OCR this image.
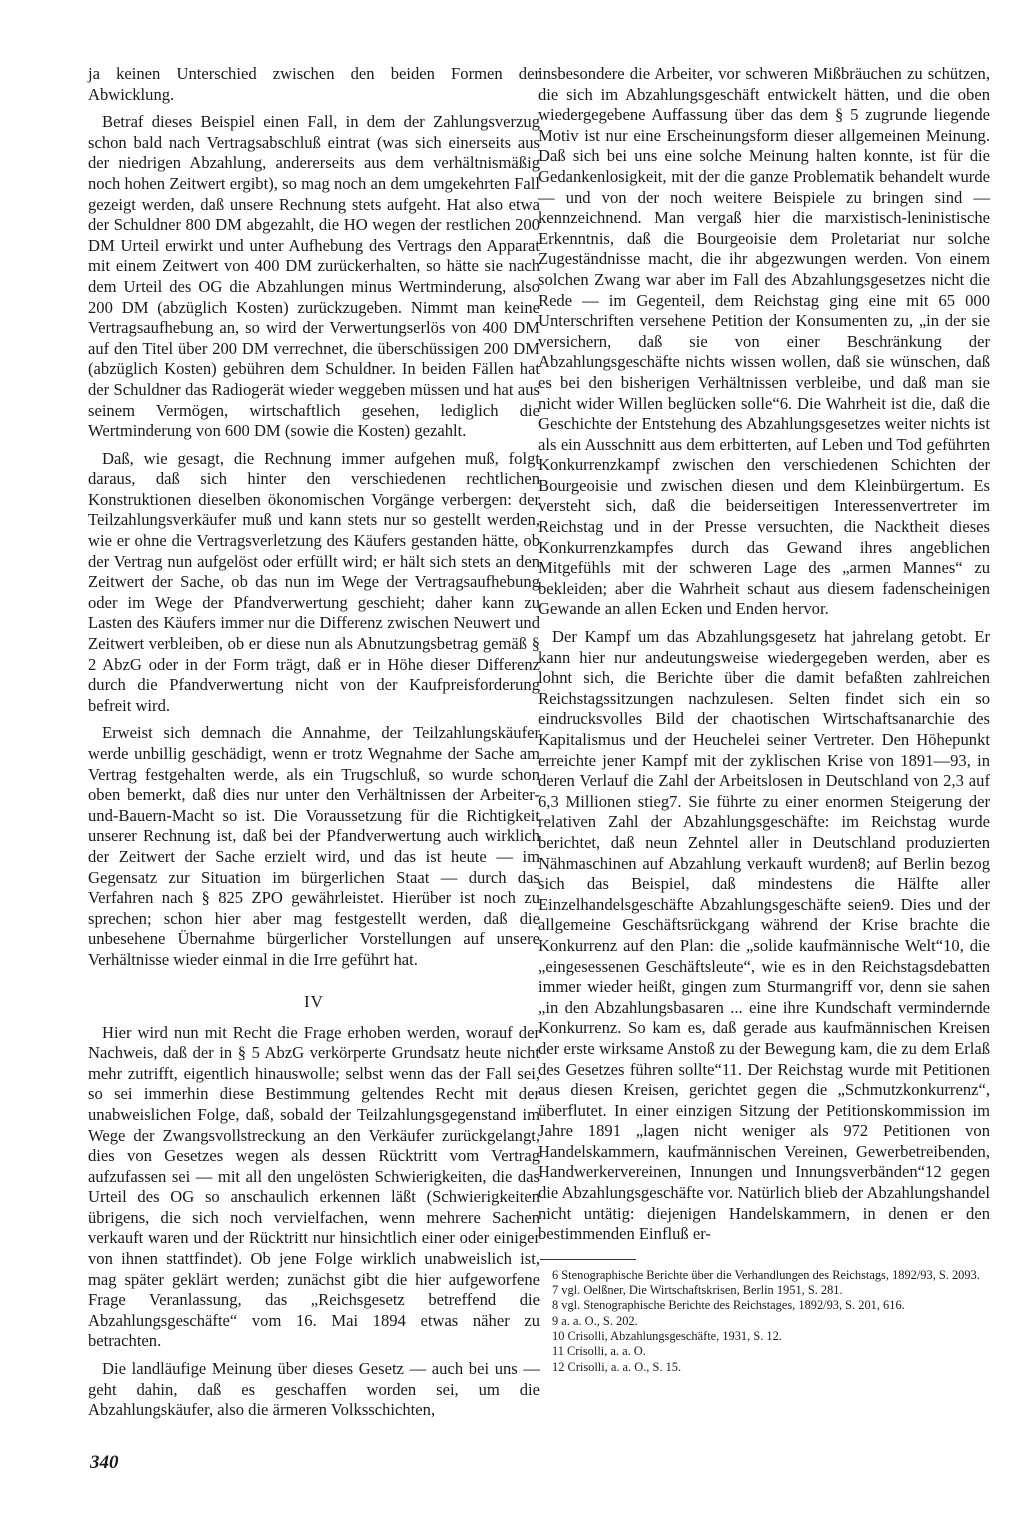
ja keinen Unterschied zwischen den beiden Formen der Abwicklung.

Betraf dieses Beispiel einen Fall, in dem der Zahlungsverzug schon bald nach Vertragsabschluß eintrat (was sich einerseits aus der niedrigen Abzahlung, andererseits aus dem verhältnismäßig noch hohen Zeitwert ergibt), so mag noch an dem umgekehrten Fall gezeigt werden, daß unsere Rechnung stets aufgeht. Hat also etwa der Schuldner 800 DM abgezahlt, die HO wegen der restlichen 200 DM Urteil erwirkt und unter Aufhebung des Vertrags den Apparat mit einem Zeitwert von 400 DM zurückerhalten, so hätte sie nach dem Urteil des OG die Abzahlungen minus Wertminderung, also 200 DM (abzüglich Kosten) zurückzugeben. Nimmt man keine Vertragsaufhebung an, so wird der Verwertungserlös von 400 DM auf den Titel über 200 DM verrechnet, die überschüssigen 200 DM (abzüglich Kosten) gebühren dem Schuldner. In beiden Fällen hat der Schuldner das Radiogerät wieder weggeben müssen und hat aus seinem Vermögen, wirtschaftlich gesehen, lediglich die Wertminderung von 600 DM (sowie die Kosten) gezahlt.

Daß, wie gesagt, die Rechnung immer aufgehen muß, folgt daraus, daß sich hinter den verschiedenen rechtlichen Konstruktionen dieselben ökonomischen Vorgänge verbergen: der Teilzahlungsverkäufer muß und kann stets nur so gestellt werden, wie er ohne die Vertragsverletzung des Käufers gestanden hätte, ob der Vertrag nun aufgelöst oder erfüllt wird; er hält sich stets an den Zeitwert der Sache, ob das nun im Wege der Vertragsaufhebung oder im Wege der Pfandverwertung geschieht; daher kann zu Lasten des Käufers immer nur die Differenz zwischen Neuwert und Zeitwert verbleiben, ob er diese nun als Abnutzungsbetrag gemäß § 2 AbzG oder in der Form trägt, daß er in Höhe dieser Differenz durch die Pfandverwertung nicht von der Kaufpreisforderung befreit wird.

Erweist sich demnach die Annahme, der Teilzahlungskäufer werde unbillig geschädigt, wenn er trotz Wegnahme der Sache am Vertrag festgehalten werde, als ein Trugschluß, so wurde schon oben bemerkt, daß dies nur unter den Verhältnissen der Arbeiter-und-Bauern-Macht so ist. Die Voraussetzung für die Richtigkeit unserer Rechnung ist, daß bei der Pfandverwertung auch wirklich der Zeitwert der Sache erzielt wird, und das ist heute — im Gegensatz zur Situation im bürgerlichen Staat — durch das Verfahren nach § 825 ZPO gewährleistet. Hierüber ist noch zu sprechen; schon hier aber mag festgestellt werden, daß die unbesehene Übernahme bürgerlicher Vorstellungen auf unsere Verhältnisse wieder einmal in die Irre geführt hat.

IV

Hier wird nun mit Recht die Frage erhoben werden, worauf der Nachweis, daß der in § 5 AbzG verkörperte Grundsatz heute nicht mehr zutrifft, eigentlich hinauswolle; selbst wenn das der Fall sei, so sei immerhin diese Bestimmung geltendes Recht mit der unabweislichen Folge, daß, sobald der Teilzahlungsgegenstand im Wege der Zwangsvollstreckung an den Verkäufer zurückgelangt, dies von Gesetzes wegen als dessen Rücktritt vom Vertrag aufzufassen sei — mit all den ungelösten Schwierigkeiten, die das Urteil des OG so anschaulich erkennen läßt (Schwierigkeiten übrigens, die sich noch vervielfachen, wenn mehrere Sachen verkauft waren und der Rücktritt nur hinsichtlich einer oder einiger von ihnen stattfindet). Ob jene Folge wirklich unabweislich ist, mag später geklärt werden; zunächst gibt die hier aufgeworfene Frage Veranlassung, das „Reichsgesetz betreffend die Abzahlungsgeschäfte“ vom 16. Mai 1894 etwas näher zu betrachten.

Die landläufige Meinung über dieses Gesetz — auch bei uns — geht dahin, daß es geschaffen worden sei, um die Abzahlungskäufer, also die ärmeren Volksschichten,

insbesondere die Arbeiter, vor schweren Mißbräuchen zu schützen, die sich im Abzahlungsgeschäft entwickelt hätten, und die oben wiedergegebene Auffassung über das dem § 5 zugrunde liegende Motiv ist nur eine Erscheinungsform dieser allgemeinen Meinung. Daß sich bei uns eine solche Meinung halten konnte, ist für die Gedankenlosigkeit, mit der die ganze Problematik behandelt wurde — und von der noch weitere Beispiele zu bringen sind — kennzeichnend. Man vergaß hier die marxistisch-leninistische Erkenntnis, daß die Bourgeoisie dem Proletariat nur solche Zugeständnisse macht, die ihr abgezwungen werden. Von einem solchen Zwang war aber im Fall des Abzahlungsgesetzes nicht die Rede — im Gegenteil, dem Reichstag ging eine mit 65 000 Unterschriften versehene Petition der Konsumenten zu, „in der sie versichern, daß sie von einer Beschränkung der Abzahlungsgeschäfte nichts wissen wollen, daß sie wünschen, daß es bei den bisherigen Verhältnissen verbleibe, und daß man sie nicht wider Willen beglücken solle“6. Die Wahrheit ist die, daß die Geschichte der Entstehung des Abzahlungsgesetzes weiter nichts ist als ein Ausschnitt aus dem erbitterten, auf Leben und Tod geführten Konkurrenzkampf zwischen den verschiedenen Schichten der Bourgeoisie und zwischen diesen und dem Kleinbürgertum. Es versteht sich, daß die beiderseitigen Interessenvertreter im Reichstag und in der Presse versuchten, die Nacktheit dieses Konkurrenzkampfes durch das Gewand ihres angeblichen Mitgefühls mit der schweren Lage des „armen Mannes“ zu bekleiden; aber die Wahrheit schaut aus diesem fadenscheinigen Gewande an allen Ecken und Enden hervor.

Der Kampf um das Abzahlungsgesetz hat jahrelang getobt. Er kann hier nur andeutungsweise wiedergegeben werden, aber es lohnt sich, die Berichte über die damit befaßten zahlreichen Reichstagssitzungen nachzulesen. Selten findet sich ein so eindrucksvolles Bild der chaotischen Wirtschaftsanarchie des Kapitalismus und der Heuchelei seiner Vertreter. Den Höhepunkt erreichte jener Kampf mit der zyklischen Krise von 1891—93, in deren Verlauf die Zahl der Arbeitslosen in Deutschland von 2,3 auf 6,3 Millionen stieg7. Sie führte zu einer enormen Steigerung der relativen Zahl der Abzahlungsgeschäfte: im Reichstag wurde berichtet, daß neun Zehntel aller in Deutschland produzierten Nähmaschinen auf Abzahlung verkauft wurden8; auf Berlin bezog sich das Beispiel, daß mindestens die Hälfte aller Einzelhandelsgeschäfte Abzahlungsgeschäfte seien9. Dies und der allgemeine Geschäftsrückgang während der Krise brachte die Konkurrenz auf den Plan: die „solide kaufmännische Welt“10, die „eingesessenen Geschäftsleute“, wie es in den Reichstagsdebatten immer wieder heißt, gingen zum Sturmangriff vor, denn sie sahen „in den Abzahlungsbasaren ... eine ihre Kundschaft vermindernde Konkurrenz. So kam es, daß gerade aus kaufmännischen Kreisen der erste wirksame Anstoß zu der Bewegung kam, die zu dem Erlaß des Gesetzes führen sollte“11. Der Reichstag wurde mit Petitionen aus diesen Kreisen, gerichtet gegen die „Schmutzkonkurrenz“, überflutet. In einer einzigen Sitzung der Petitionskommission im Jahre 1891 „lagen nicht weniger als 972 Petitionen von Handelskammern, kaufmännischen Vereinen, Gewerbetreibenden, Handwerkervereinen, Innungen und Innungsverbänden“12 gegen die Abzahlungsgeschäfte vor. Natürlich blieb der Abzahlungshandel nicht untätig: diejenigen Handelskammern, in denen er den bestimmenden Einfluß er-

6 Stenographische Berichte über die Verhandlungen des Reichstags, 1892/93, S. 2093.

7 vgl. Oelßner, Die Wirtschaftskrisen, Berlin 1951, S. 281.

8 vgl. Stenographische Berichte des Reichstages, 1892/93, S. 201, 616.

9 a. a. O., S. 202.

10 Crisolli, Abzahlungsgeschäfte, 1931, S. 12.

11 Crisolli, a. a. O.

12 Crisolli, a. a. O., S. 15.

340
